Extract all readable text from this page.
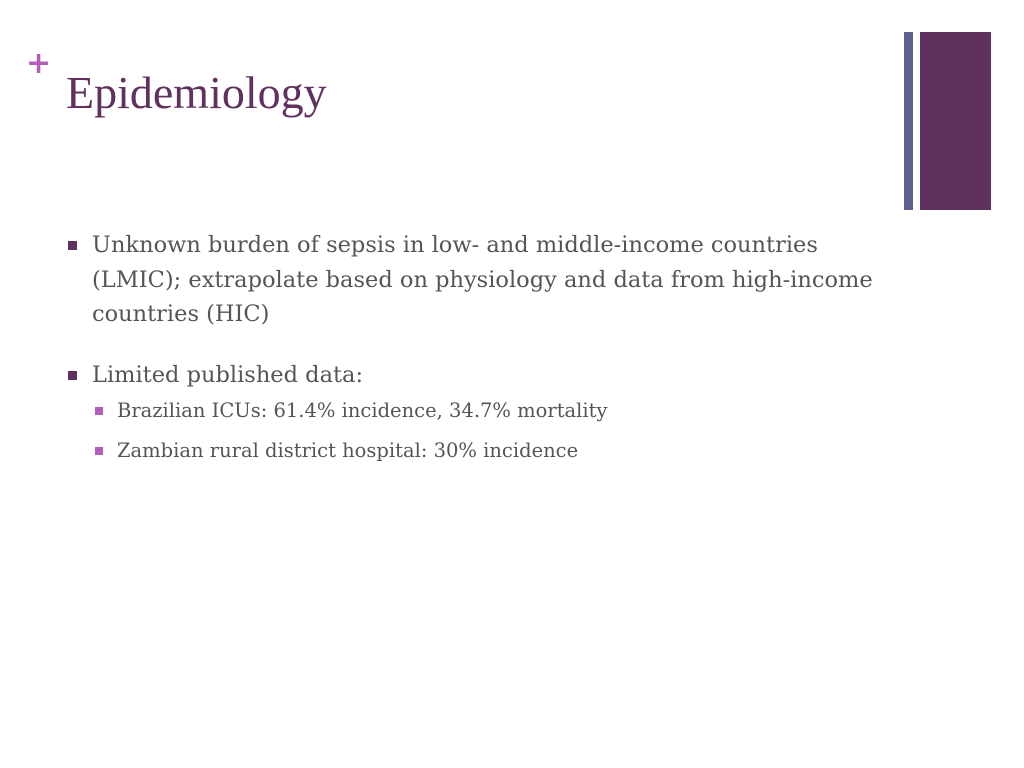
+
Epidemiology
Unknown burden of sepsis in low- and middle-income countries (LMIC); extrapolate based on physiology and data from high-income countries (HIC)
Limited published data:
Brazilian ICUs: 61.4% incidence, 34.7% mortality
Zambian rural district hospital: 30% incidence
